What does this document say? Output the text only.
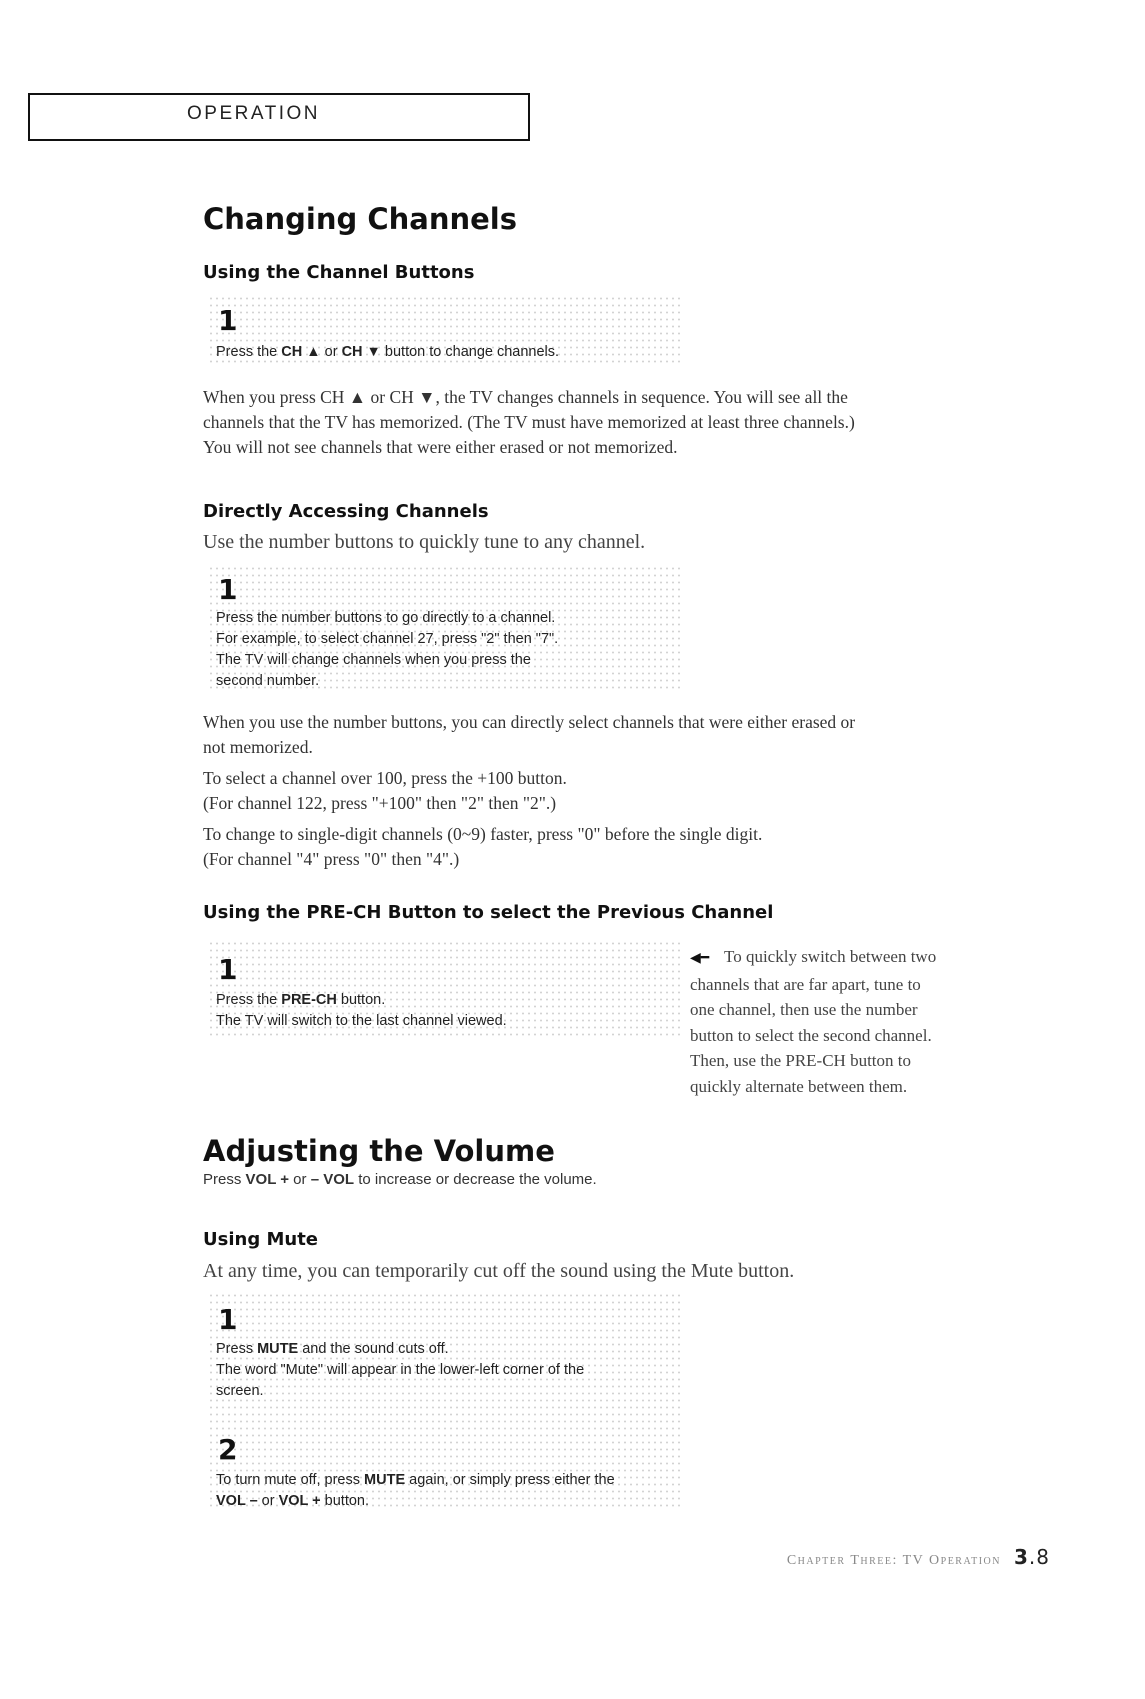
OPERATION
Changing Channels
Using the Channel Buttons
1

Press the CH ▲ or CH ▼ button to change channels.

When you press CH ▲ or CH ▼, the TV changes channels in sequence. You will see all the
channels that the TV has memorized. (The TV must have memorized at least three channels.)
You will not see channels that were either erased or not memorized.
Directly Accessing Channels
Use the number buttons to quickly tune to any channel.
1

Press the number buttons to go directly to a channel.
For example, to select channel 27, press "2" then "7".
The TV will change channels when you press the
second number.

When you use the number buttons, you can directly select channels that were either erased or
not memorized.
To select a channel over 100, press the +100 button.
(For channel 122, press "+100" then "2" then "2".)
To change to single-digit channels (0~9) faster, press "0" before the single digit.
(For channel "4" press "0" then "4".)
Using the PRE-CH Button to select the Previous Channel
1

Press the PRE-CH button.
The TV will switch to the last channel viewed.

◀━ To quickly switch between two
channels that are far apart, tune to
one channel, then use the number
button to select the second channel.
Then, use the PRE-CH button to
quickly alternate between them.
Adjusting the Volume

Press VOL + or – VOL to increase or decrease the volume.

Using Mute
At any time, you can temporarily cut off the sound using the Mute button.
1

Press MUTE and the sound cuts off.
The word "Mute" will appear in the lower-left corner of the
screen.

2

To turn mute off, press MUTE again, or simply press either the
VOL – or VOL + button.

Chapter Three: TV Operation 3.8
